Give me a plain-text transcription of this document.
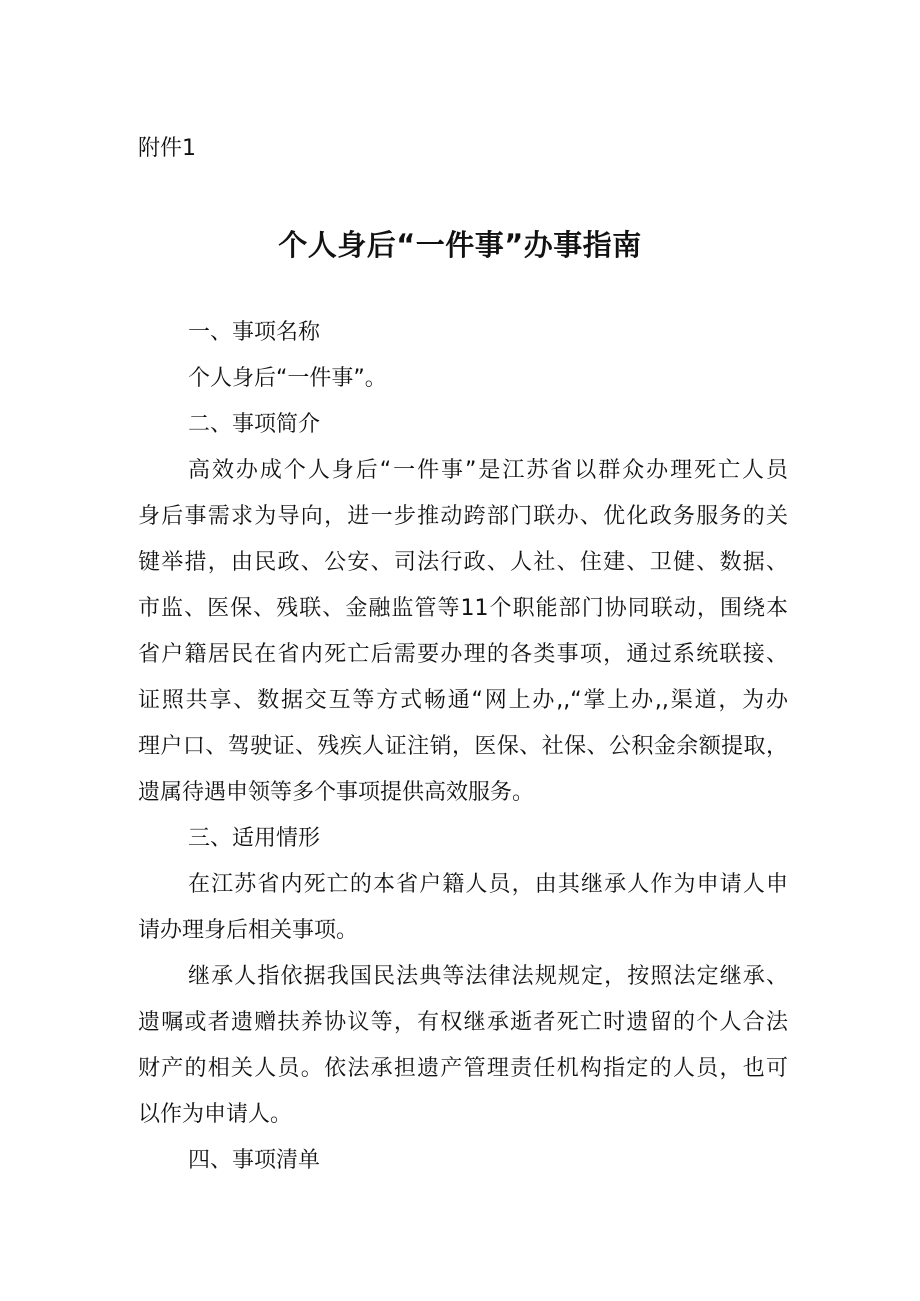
附件1

个人身后“一件事”办事指南

一、事项名称

个人身后“一件事”。

二、事项简介

高效办成个人身后“一件事”是江苏省以群众办理死亡人员

身后事需求为导向，进一步推动跨部门联办、优化政务服务的关

键举措，由民政、公安、司法行政、人社、住建、卫健、数据、

市监、医保、残联、金融监管等11个职能部门协同联动，围绕本

省户籍居民在省内死亡后需要办理的各类事项，通过系统联接、

证照共享、数据交互等方式畅通“网上办,,“掌上办,,渠道，为办

理户口、驾驶证、残疾人证注销，医保、社保、公积金余额提取，

遗属待遇申领等多个事项提供高效服务。

三、适用情形

在江苏省内死亡的本省户籍人员，由其继承人作为申请人申

请办理身后相关事项。

继承人指依据我国民法典等法律法规规定，按照法定继承、

遗嘱或者遗赠扶养协议等，有权继承逝者死亡时遗留的个人合法

财产的相关人员。依法承担遗产管理责任机构指定的人员，也可

以作为申请人。

四、事项清单
